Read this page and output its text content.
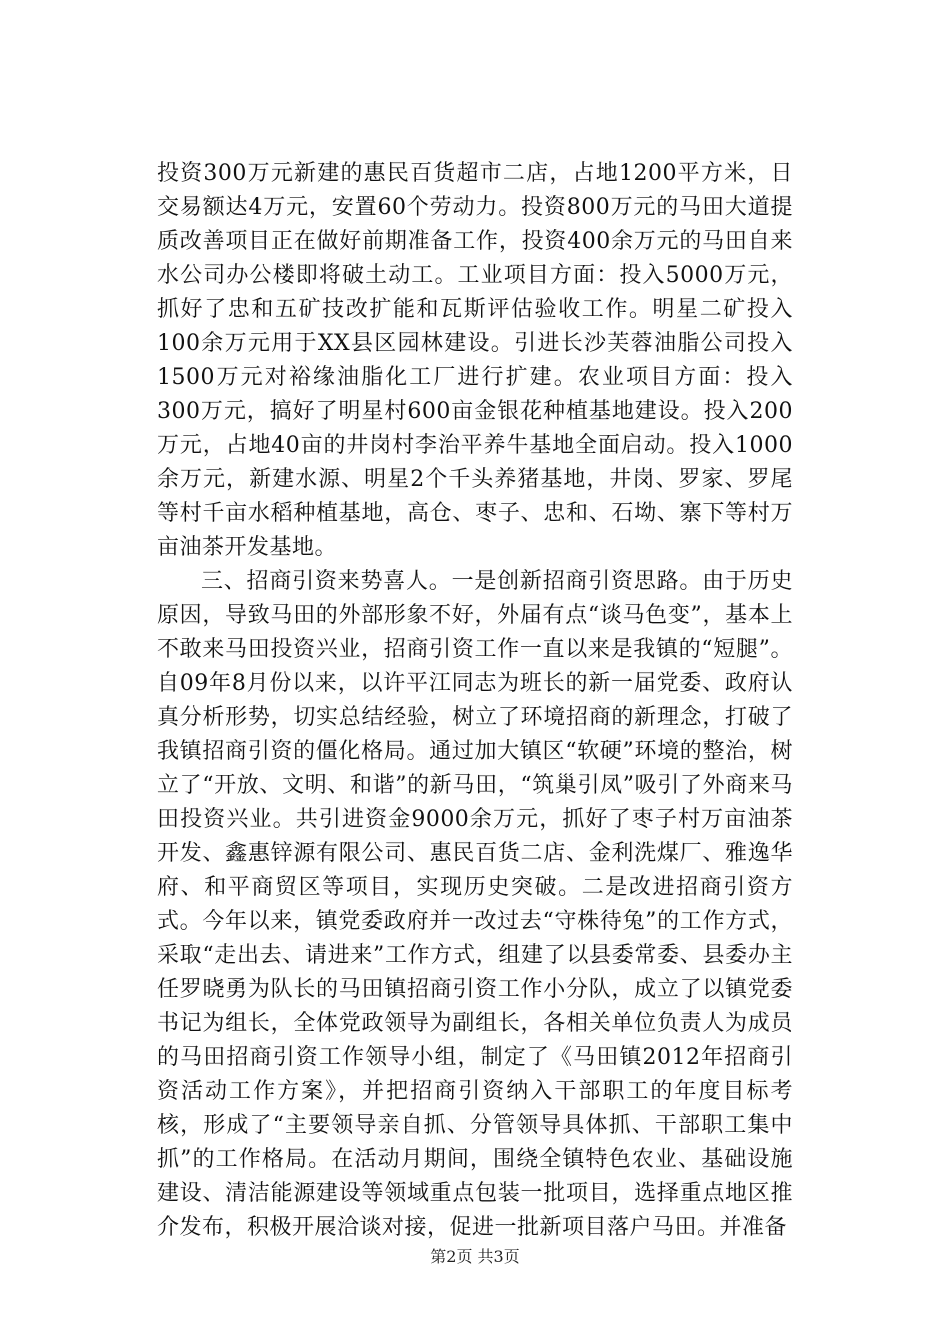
投资300万元新建的惠民百货超市二店，占地1200平方米，日交易额达4万元，安置60个劳动力。投资800万元的马田大道提质改善项目正在做好前期准备工作，投资400余万元的马田自来水公司办公楼即将破土动工。工业项目方面：投入5000万元，抓好了忠和五矿技改扩能和瓦斯评估验收工作。明星二矿投入100余万元用于XX县区园林建设。引进长沙芙蓉油脂公司投入1500万元对裕缘油脂化工厂进行扩建。农业项目方面：投入300万元，搞好了明星村600亩金银花种植基地建设。投入200万元，占地40亩的井岗村李治平养牛基地全面启动。投入1000余万元，新建水源、明星2个千头养猪基地，井岗、罗家、罗尾等村千亩水稻种植基地，高仓、枣子、忠和、石坳、寨下等村万亩油茶开发基地。

三、招商引资来势喜人。一是创新招商引资思路。由于历史原因，导致马田的外部形象不好，外届有点“谈马色变”，基本上不敢来马田投资兴业，招商引资工作一直以来是我镇的“短腿”。自09年8月份以来，以许平江同志为班长的新一届党委、政府认真分析形势，切实总结经验，树立了环境招商的新理念，打破了我镇招商引资的僵化格局。通过加大镇区“软硬”环境的整治，树立了“开放、文明、和谐”的新马田，“筑巢引凤”吸引了外商来马田投资兴业。共引进资金9000余万元，抓好了枣子村万亩油茶开发、鑫惠锌源有限公司、惠民百货二店、金利洗煤厂、雅逸华府、和平商贸区等项目，实现历史突破。二是改进招商引资方式。今年以来，镇党委政府并一改过去“守株待兔”的工作方式，采取“走出去、请进来”工作方式，组建了以县委常委、县委办主任罗晓勇为队长的马田镇招商引资工作小分队，成立了以镇党委书记为组长，全体党政领导为副组长，各相关单位负责人为成员的马田招商引资工作领导小组，制定了《马田镇2012年招商引资活动工作方案》，并把招商引资纳入干部职工的年度目标考核，形成了“主要领导亲自抓、分管领导具体抓、干部职工集中抓”的工作格局。在活动月期间，围绕全镇特色农业、基础设施建设、清洁能源建设等领域重点包装一批项目，选择重点地区推介发布，积极开展洽谈对接，促进一批新项目落户马田。并准备

第2页 共3页
